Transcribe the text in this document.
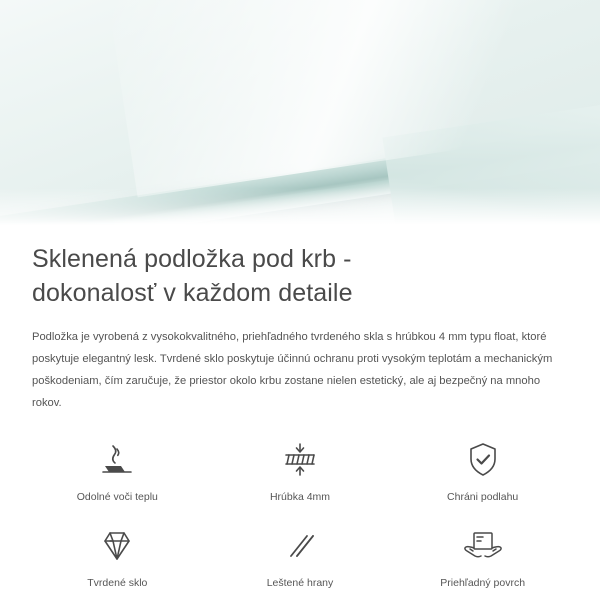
Sklenená podložka pod krb -
dokonalosť v každom detaile

Podložka je vyrobená z vysokokvalitného, priehľadného tvrdeného skla s hrúbkou 4 mm typu float, ktoré poskytuje elegantný lesk. Tvrdené sklo poskytuje účinnú ochranu proti vysokým teplotám a mechanickým poškodeniam, čím zaručuje, že priestor okolo krbu zostane nielen estetický, ale aj bezpečný na mnoho rokov.

Odolné voči teplu	Hrúbka 4mm	Chráni podlahu
Tvrdené sklo	Leštené hrany	Priehľadný povrch
